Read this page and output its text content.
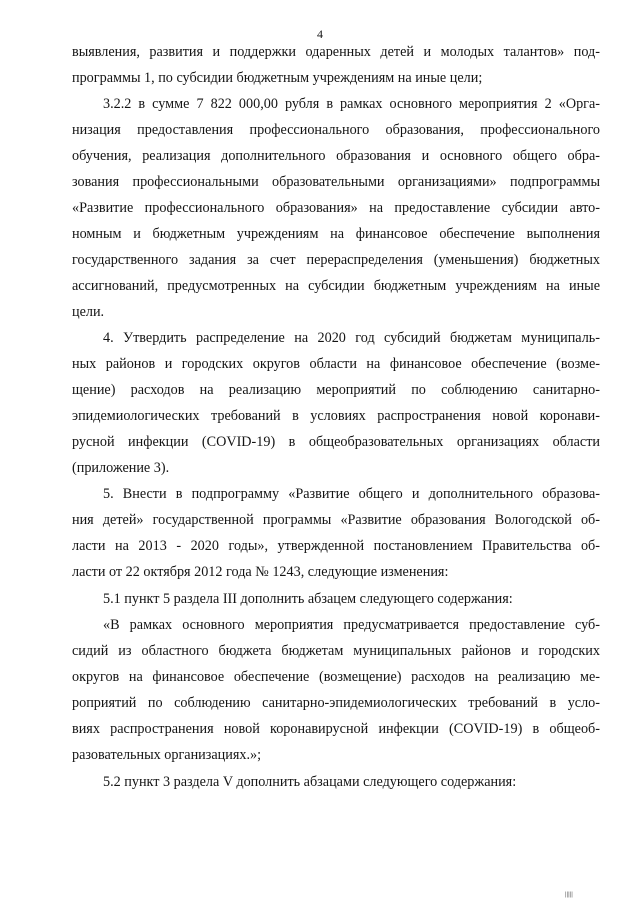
4
выявления, развития и поддержки одаренных детей и молодых талантов» под-
программы 1, по субсидии бюджетным учреждениям на иные цели;
3.2.2 в сумме 7 822 000,00 рубля в рамках основного мероприятия 2 «Орга-
низация предоставления профессионального образования, профессионального
обучения, реализация дополнительного образования и основного общего обра-
зования профессиональными образовательными организациями» подпрограммы
«Развитие профессионального образования» на предоставление субсидии авто-
номным и бюджетным учреждениям на финансовое обеспечение выполнения
государственного задания за счет перераспределения (уменьшения) бюджетных
ассигнований, предусмотренных на субсидии бюджетным учреждениям на иные
цели.
4. Утвердить распределение на 2020 год субсидий бюджетам муниципаль-
ных районов и городских округов области на финансовое обеспечение (возме-
щение) расходов на реализацию мероприятий по соблюдению санитарно-
эпидемиологических требований в условиях распространения новой коронави-
русной инфекции (COVID-19) в общеобразовательных организациях области
(приложение 3).
5. Внести в подпрограмму «Развитие общего и дополнительного образова-
ния детей» государственной программы «Развитие образования Вологодской об-
ласти на 2013 - 2020 годы», утвержденной постановлением Правительства об-
ласти от 22 октября 2012 года № 1243, следующие изменения:
5.1 пункт 5 раздела III дополнить абзацем следующего содержания:
«В рамках основного мероприятия предусматривается предоставление суб-
сидий из областного бюджета бюджетам муниципальных районов и городских
округов на финансовое обеспечение (возмещение) расходов на реализацию ме-
роприятий по соблюдению санитарно-эпидемиологических требований в усло-
виях распространения новой коронавирусной инфекции (COVID-19) в общеоб-
разовательных организациях.»;
5.2 пункт 3 раздела V дополнить абзацами следующего содержания:
|||||
